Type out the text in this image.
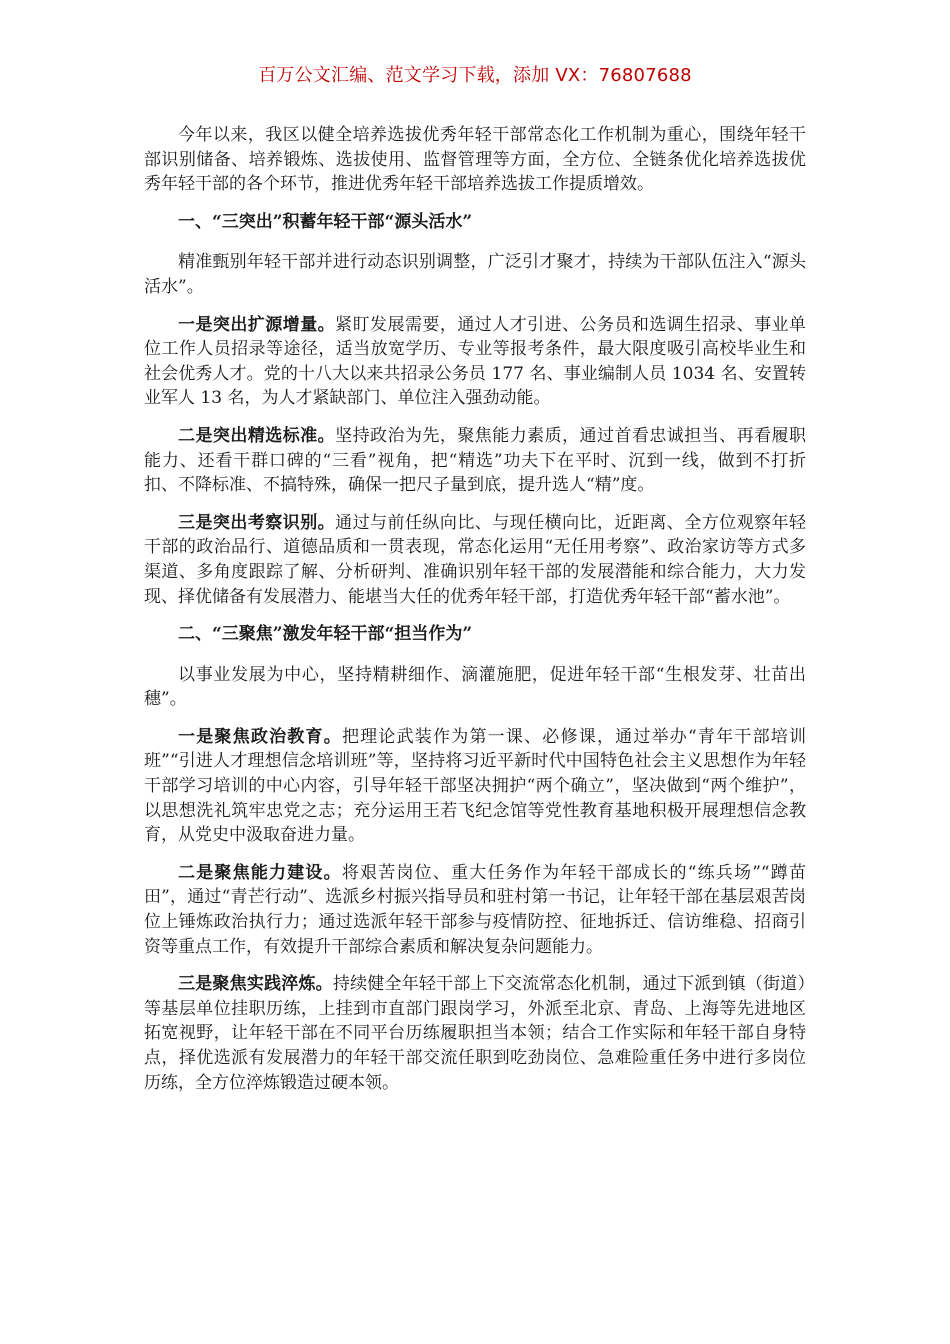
百万公文汇编、范文学习下载，添加 VX：76807688

今年以来，我区以健全培养选拔优秀年轻干部常态化工作机制为重心，围绕年轻干部识别储备、培养锻炼、选拔使用、监督管理等方面，全方位、全链条优化培养选拔优秀年轻干部的各个环节，推进优秀年轻干部培养选拔工作提质增效。

一、“三突出”积蓄年轻干部“源头活水”

精准甄别年轻干部并进行动态识别调整，广泛引才聚才，持续为干部队伍注入“源头活水”。

一是突出扩源增量。紧盯发展需要，通过人才引进、公务员和选调生招录、事业单位工作人员招录等途径，适当放宽学历、专业等报考条件，最大限度吸引高校毕业生和社会优秀人才。党的十八大以来共招录公务员 177 名、事业编制人员 1034 名、安置转业军人 13 名，为人才紧缺部门、单位注入强劲动能。

二是突出精选标准。坚持政治为先，聚焦能力素质，通过首看忠诚担当、再看履职能力、还看干群口碑的“三看”视角，把“精选”功夫下在平时、沉到一线，做到不打折扣、不降标准、不搞特殊，确保一把尺子量到底，提升选人“精”度。

三是突出考察识别。通过与前任纵向比、与现任横向比，近距离、全方位观察年轻干部的政治品行、道德品质和一贯表现，常态化运用“无任用考察”、政治家访等方式多渠道、多角度跟踪了解、分析研判、准确识别年轻干部的发展潜能和综合能力，大力发现、择优储备有发展潜力、能堪当大任的优秀年轻干部，打造优秀年轻干部“蓄水池”。

二、“三聚焦”激发年轻干部“担当作为”

以事业发展为中心，坚持精耕细作、滴灌施肥，促进年轻干部“生根发芽、壮苗出穗”。

一是聚焦政治教育。把理论武装作为第一课、必修课，通过举办“青年干部培训班”“引进人才理想信念培训班”等，坚持将习近平新时代中国特色社会主义思想作为年轻干部学习培训的中心内容，引导年轻干部坚决拥护“两个确立”，坚决做到“两个维护”，以思想洗礼筑牢忠党之志；充分运用王若飞纪念馆等党性教育基地积极开展理想信念教育，从党史中汲取奋进力量。

二是聚焦能力建设。将艰苦岗位、重大任务作为年轻干部成长的“练兵场”“蹲苗田”，通过“青芒行动”、选派乡村振兴指导员和驻村第一书记，让年轻干部在基层艰苦岗位上锤炼政治执行力；通过选派年轻干部参与疫情防控、征地拆迁、信访维稳、招商引资等重点工作，有效提升干部综合素质和解决复杂问题能力。

三是聚焦实践淬炼。持续健全年轻干部上下交流常态化机制，通过下派到镇（街道）等基层单位挂职历练，上挂到市直部门跟岗学习，外派至北京、青岛、上海等先进地区拓宽视野，让年轻干部在不同平台历练履职担当本领；结合工作实际和年轻干部自身特点，择优选派有发展潜力的年轻干部交流任职到吃劲岗位、急难险重任务中进行多岗位历练，全方位淬炼锻造过硬本领。
